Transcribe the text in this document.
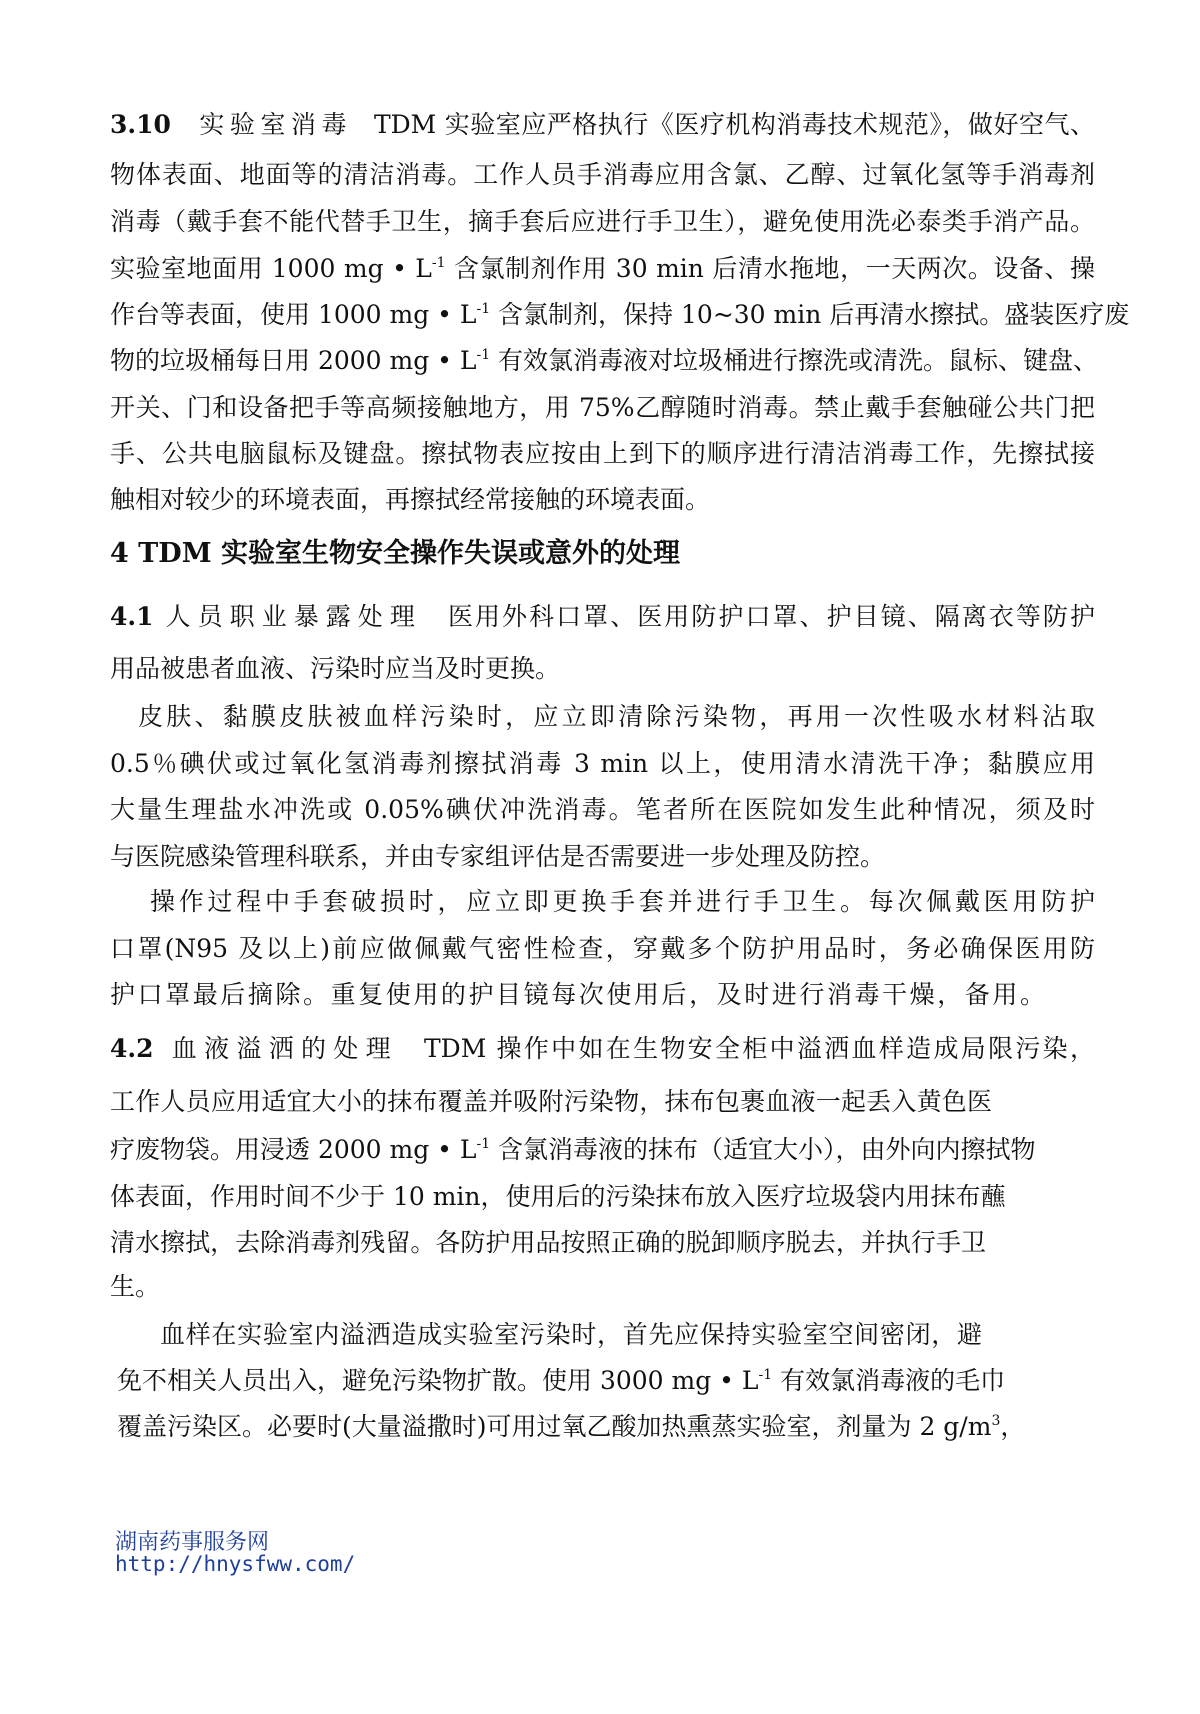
3.10 实验室消毒 TDM 实验室应严格执行《医疗机构消毒技术规范》，做好空气、
物体表面、地面等的清洁消毒。工作人员手消毒应用含氯、乙醇、过氧化氢等手消毒剂
消毒（戴手套不能代替手卫生，摘手套后应进行手卫生），避免使用洗必泰类手消产品。
实验室地面用 1000 mg • $L^{-1}$ 含氯制剂作用 30 min 后清水拖地，一天两次。设备、操
作台等表面，使用 1000 mg • $L^{-1}$ 含氯制剂，保持 10~30 min 后再清水擦拭。盛装医疗废
物的垃圾桶每日用 2000 mg • $L^{-1}$ 有效氯消毒液对垃圾桶进行擦洗或清洗。鼠标、键盘、
开关、门和设备把手等高频接触地方，用 75%乙醇随时消毒。禁止戴手套触碰公共门把
手、公共电脑鼠标及键盘。擦拭物表应按由上到下的顺序进行清洁消毒工作，先擦拭接
触相对较少的环境表面，再擦拭经常接触的环境表面。
4 TDM 实验室生物安全操作失误或意外的处理
4.1 人员职业暴露处理 医用外科口罩、医用防护口罩、护目镜、隔离衣等防护
用品被患者血液、污染时应当及时更换。
皮肤、黏膜皮肤被血样污染时，应立即清除污染物，再用一次性吸水材料沾取
0.5％碘伏或过氧化氢消毒剂擦拭消毒 3 min 以上，使用清水清洗干净；黏膜应用
大量生理盐水冲洗或 0.05%碘伏冲洗消毒。笔者所在医院如发生此种情况，须及时
与医院感染管理科联系，并由专家组评估是否需要进一步处理及防控。
操作过程中手套破损时，应立即更换手套并进行手卫生。每次佩戴医用防护
口罩(N95 及以上)前应做佩戴气密性检查，穿戴多个防护用品时，务必确保医用防
护口罩最后摘除。重复使用的护目镜每次使用后，及时进行消毒干燥，备用。
4.2 血液溢洒的处理 TDM 操作中如在生物安全柜中溢洒血样造成局限污染，
工作人员应用适宜大小的抹布覆盖并吸附污染物，抹布包裹血液一起丢入黄色医
疗废物袋。用浸透 2000 mg • $L^{-1}$ 含氯消毒液的抹布（适宜大小），由外向内擦拭物
体表面，作用时间不少于 10 min，使用后的污染抹布放入医疗垃圾袋内用抹布蘸
清水擦拭，去除消毒剂残留。各防护用品按照正确的脱卸顺序脱去，并执行手卫
生。
血样在实验室内溢洒造成实验室污染时，首先应保持实验室空间密闭，避
免不相关人员出入，避免污染物扩散。使用 3000 mg • $L^{-1}$ 有效氯消毒液的毛巾
覆盖污染区。必要时(大量溢撒时)可用过氧乙酸加热熏蒸实验室，剂量为 2 $g/m^3$，
湖南药事服务网
http://hnysfww.com/
